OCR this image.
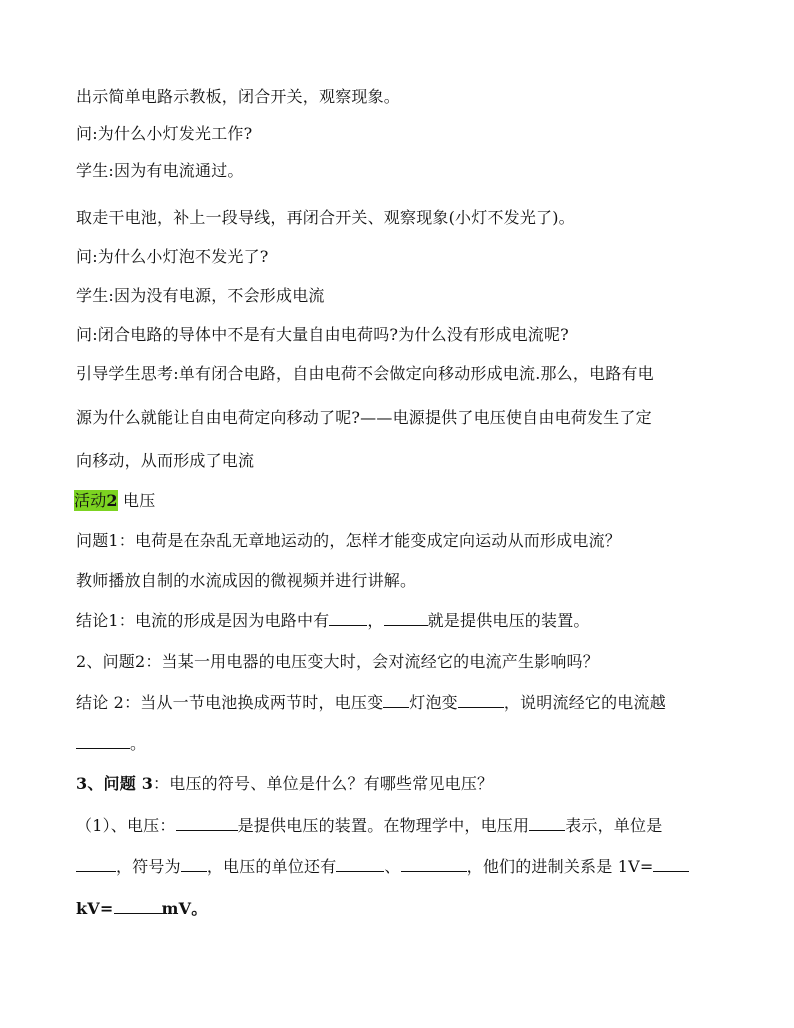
出示简单电路示教板，闭合开关，观察现象。
问:为什么小灯发光工作?
学生:因为有电流通过。
取走干电池，补上一段导线，再闭合开关、观察现象(小灯不发光了)。
问:为什么小灯泡不发光了?
学生:因为没有电源，不会形成电流
问:闭合电路的导体中不是有大量自由电荷吗?为什么没有形成电流呢?
引导学生思考:单有闭合电路，自由电荷不会做定向移动形成电流.那么，电路有电
源为什么就能让自由电荷定向移动了呢?——电源提供了电压使自由电荷发生了定
向移动，从而形成了电流
活动2 电压
问题1：电荷是在杂乱无章地运动的，怎样才能变成定向运动从而形成电流？
教师播放自制的水流成因的微视频并进行讲解。
结论1：电流的形成是因为电路中有 ，	就是提供电压的装置。
2、问题2：当某一用电器的电压变大时，会对流经它的电流产生影响吗？
结论 2：当从一节电池换成两节时，电压变 灯泡变	，说明流经它的电流越
。
3、问题 3：电压的符号、单位是什么？有哪些常见电压？
（1）、电压：	是提供电压的装置。在物理学中，电压用 表示，单位是
，符号为 ，电压的单位还有	、	，他们的进制关系是 1V=
kV=	mV。
